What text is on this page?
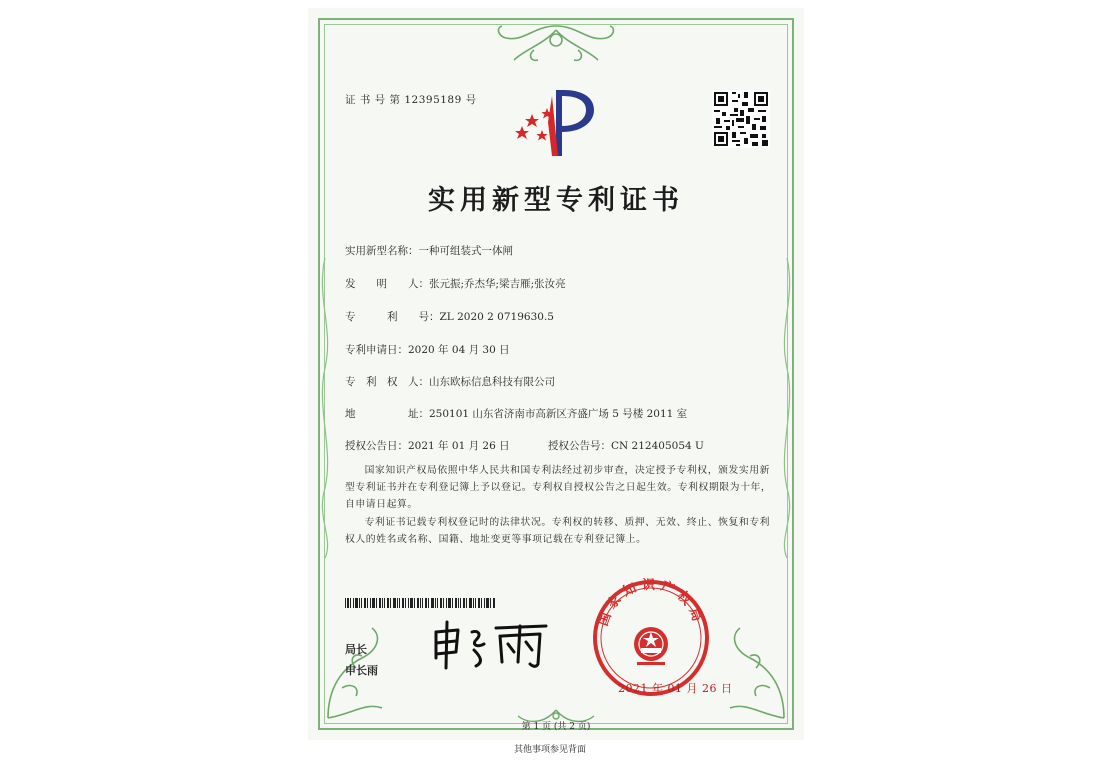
证 书 号 第 12395189 号
实用新型专利证书
实用新型名称：一种可组装式一体闸
发　　明　　人：张元振;乔杰华;梁吉雁;张汝亮
专　　　利　　号：ZL 2020 2 0719630.5
专利申请日：2020 年 04 月 30 日
专　利　权　人：山东欧标信息科技有限公司
地　　　　　址：250101 山东省济南市高新区齐盛广场 5 号楼 2011 室
授权公告日：2021 年 01 月 26 日	授权公告号：CN 212405054 U
国家知识产权局依照中华人民共和国专利法经过初步审查，决定授予专利权，颁发实用新型专利证书并在专利登记簿上予以登记。专利权自授权公告之日起生效。专利权期限为十年，自申请日起算。
专利证书记载专利权登记时的法律状况。专利权的转移、质押、无效、终止、恢复和专利权人的姓名或名称、国籍、地址变更等事项记载在专利登记簿上。
局长
申长雨
国家知识产权局
2021 年 01 月 26 日
第 1 页 (共 2 页)
其他事项参见背面
